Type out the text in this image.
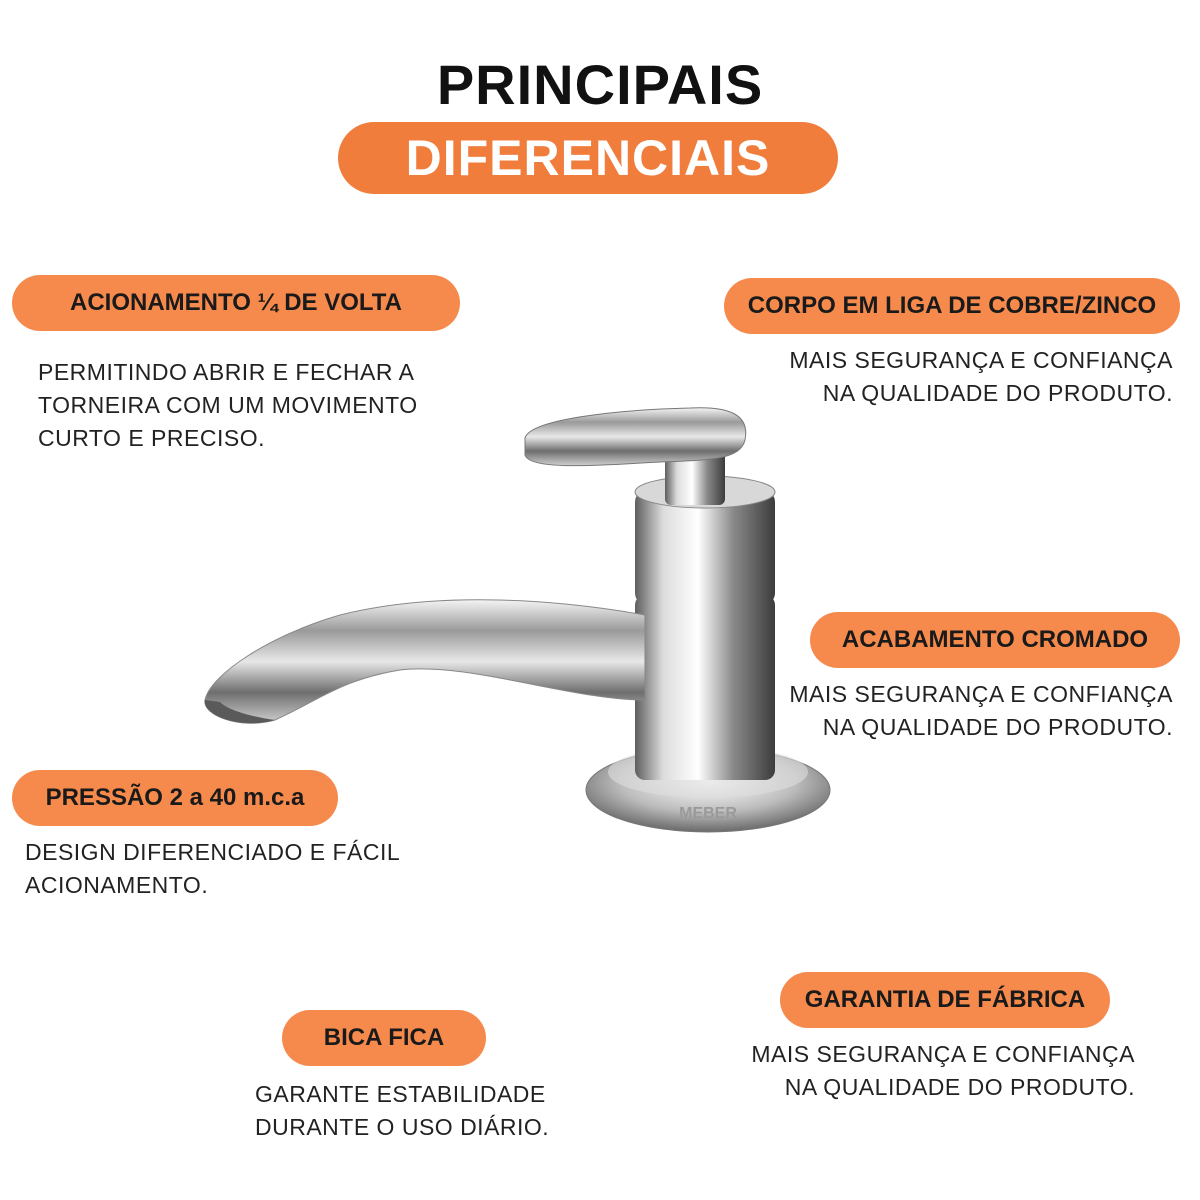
PRINCIPAIS
DIFERENCIAIS
MEBER
ACIONAMENTO ¼ DE VOLTA
PERMITINDO ABRIR E FECHAR A
TORNEIRA COM UM MOVIMENTO
CURTO E PRECISO.
CORPO EM LIGA DE COBRE/ZINCO
MAIS SEGURANÇA E CONFIANÇA
NA QUALIDADE DO PRODUTO.
ACABAMENTO CROMADO
MAIS SEGURANÇA E CONFIANÇA
NA QUALIDADE DO PRODUTO.
PRESSÃO 2 a 40 m.c.a
DESIGN DIFERENCIADO E FÁCIL
ACIONAMENTO.
GARANTIA DE FÁBRICA
MAIS SEGURANÇA E CONFIANÇA
NA QUALIDADE DO PRODUTO.
BICA FICA
GARANTE ESTABILIDADE
DURANTE O USO DIÁRIO.
